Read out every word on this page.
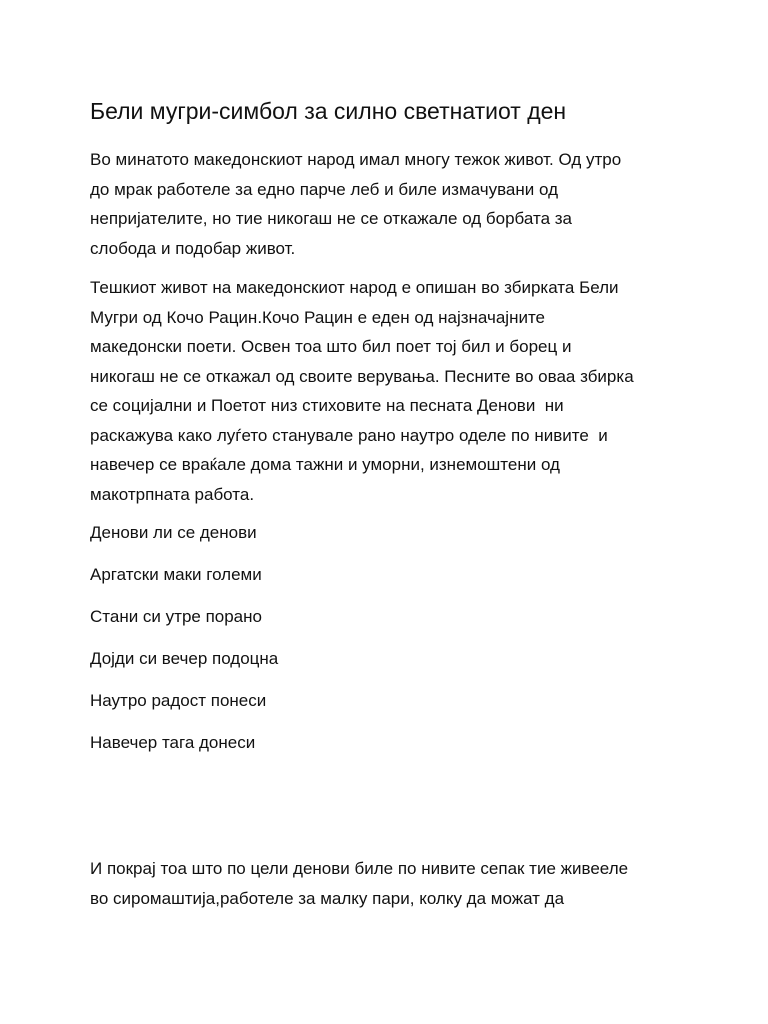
Бели мугри-симбол за силно светнатиот ден

Во минатото македонскиот народ имал многу тежок живот. Од утро
до мрак работеле за едно парче леб и биле измачувани од
непријателите, но тие никогаш не се откажале од борбата за
слобода и подобар живот.

Тешкиот живот на македонскиот народ е опишан во збирката Бели
Мугри од Кочо Рацин.Кочо Рацин е еден од најзначајните
македонски поети. Освен тоа што бил поет тој бил и борец и
никогаш не се откажал од своите верувања. Песните во оваа збирка
се социјални и Поетот низ стиховите на песната Денови  ни
раскажува како луѓето станувале рано наутро оделе по нивите  и
навечер се враќале дома тажни и уморни, изнемоштени од
макотрпната работа.

Денови ли се денови

Аргатски маки големи

Стани си утре порано

Дојди си вечер подоцна

Наутро радост понеси

Навечер тага донеси

И покрај тоа што по цели денови биле по нивите сепак тие живееле
во сиромаштија,работеле за малку пари, колку да можат да
